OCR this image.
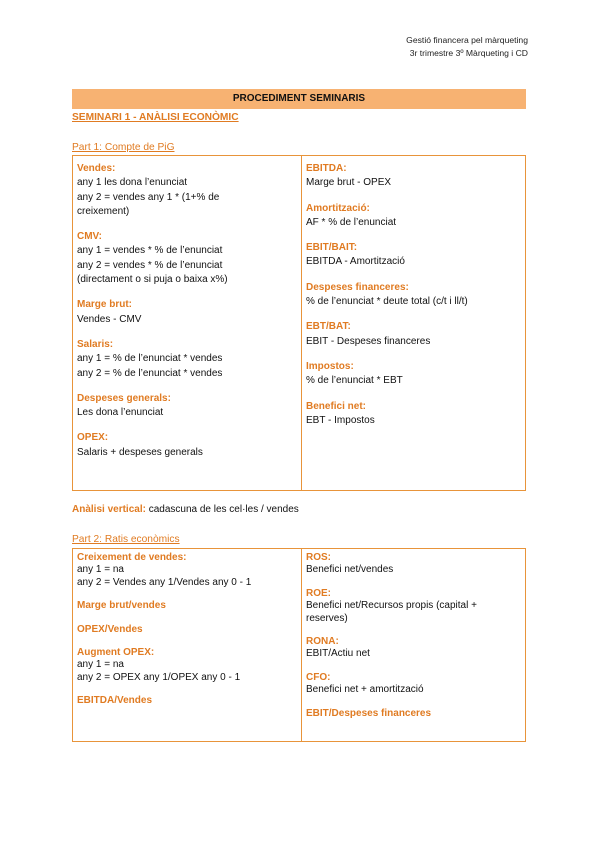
Gestió financera pel màrqueting
3r trimestre 3º Màrqueting i CD
PROCEDIMENT SEMINARIS
SEMINARI 1 - ANÀLISI ECONÒMIC
Part 1: Compte de PiG
Vendes:
any 1 les dona l’enunciat
any 2 = vendes any 1 * (1+% de
creixement)
CMV:
any 1 = vendes * % de l’enunciat
any 2 = vendes * % de l’enunciat
(directament o si puja o baixa x%)
Marge brut:
Vendes - CMV
Salaris:
any 1 = % de l’enunciat * vendes
any 2 = % de l’enunciat * vendes
Despeses generals:
Les dona l’enunciat
OPEX:
Salaris + despeses generals
EBITDA:
Marge brut - OPEX
Amortització:
AF * % de l’enunciat
EBIT/BAIT:
EBITDA - Amortització
Despeses financeres:
% de l’enunciat * deute total (c/t i ll/t)
EBT/BAT:
EBIT - Despeses financeres
Impostos:
% de l’enunciat * EBT
Benefici net:
EBT - Impostos
Anàlisi vertical: cadascuna de les cel·les / vendes
Part 2: Ratis econòmics
Creixement de vendes:
any 1 = na
any 2 = Vendes any 1/Vendes any 0 - 1
Marge brut/vendes
OPEX/Vendes
Augment OPEX:
any 1 = na
any 2 = OPEX any 1/OPEX any 0 - 1
EBITDA/Vendes
ROS:
Benefici net/vendes
ROE:
Benefici net/Recursos propis (capital +
reserves)
RONA:
EBIT/Actiu net
CFO:
Benefici net + amortització
EBIT/Despeses financeres
